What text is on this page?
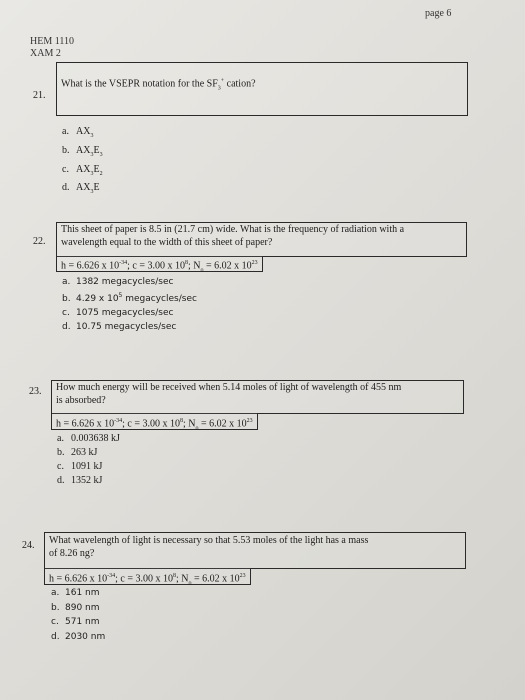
page 6
HEM 1110
XAM 2
21.
What is the VSEPR notation for the $SF_3^+$ cation?
a. $AX_3$
b. $AX_3E_3$
c. $AX_3E_2$
d. $AX_3E$
22.
This sheet of paper is 8.5 in (21.7 cm) wide. What is the frequency of radiation with a
wavelength equal to the width of this sheet of paper?
h = 6.626 x $10^{-34}$; c = 3.00 x $10^8$; $N_o = 6.02$ x $10^{23}$
a. 1382 megacycles/sec
b. 4.29 x $10^5$ megacycles/sec
c. 1075 megacycles/sec
d. 10.75 megacycles/sec
23. How much energy will be received when 5.14 moles of light of wavelength of 455 nm
is absorbed?
h = 6.626 x $10^{-34}$; c = 3.00 x $10^8$; $N_o = 6.02$ x $10^{23}$
a. 0.003638 kJ
b. 263 kJ
c. 1091 kJ
d. 1352 kJ
24. What wavelength of light is necessary so that 5.53 moles of the light has a mass
of 8.26 ng?
h = 6.626 x $10^{-34}$; c = 3.00 x $10^8$; $N_o = 6.02$ x $10^{23}$
a. 161 nm
b. 890 nm
c. 571 nm
d. 2030 nm
